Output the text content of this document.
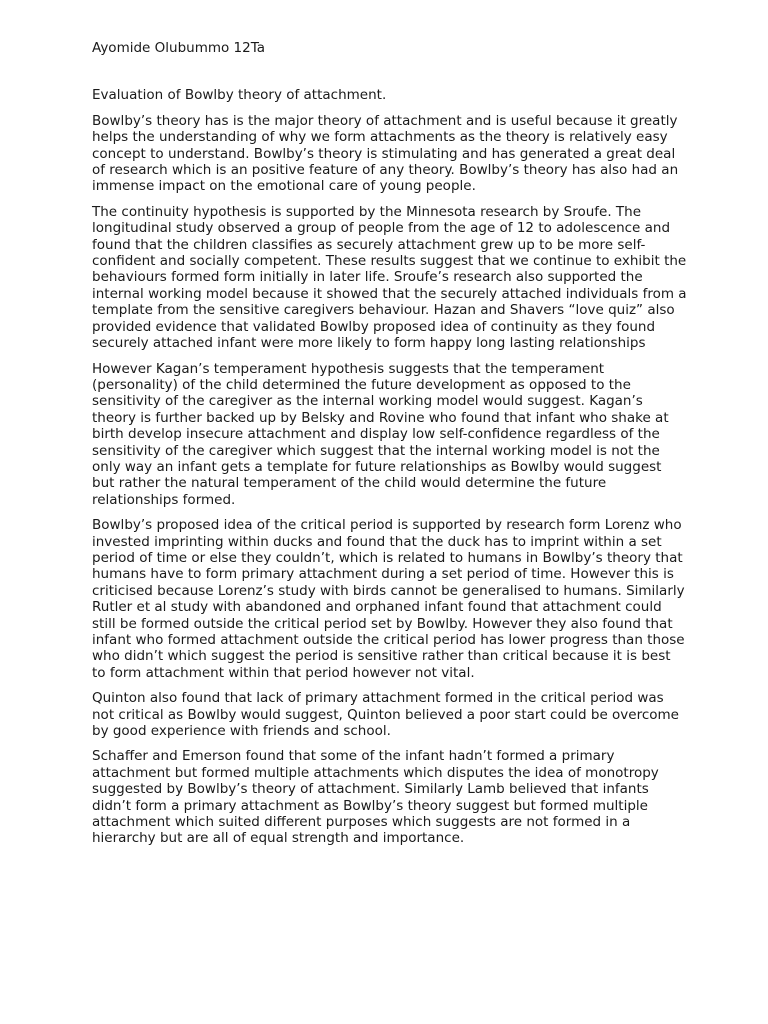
Ayomide Olubummo 12Ta

Evaluation of Bowlby theory of attachment.

Bowlby’s theory has is the major theory of attachment and is useful because it greatly helps the understanding of why we form attachments as the theory is relatively easy concept to understand. Bowlby’s theory is stimulating and has generated a great deal of research which is an positive feature of any theory. Bowlby’s theory has also had an immense impact on the emotional care of young people.

The continuity hypothesis is supported by the Minnesota research by Sroufe. The longitudinal study observed a group of people from the age of 12 to adolescence and found that the children classifies as securely attachment grew up to be more self-confident and socially competent. These results suggest that we continue to exhibit the behaviours formed form initially in later life. Sroufe’s research also supported the internal working model because it showed that the securely attached individuals from a template from the sensitive caregivers behaviour. Hazan and Shavers “love quiz” also provided evidence that validated Bowlby proposed idea of continuity as they found securely attached infant were more likely to form happy long lasting relationships

However Kagan’s temperament hypothesis suggests that the temperament (personality) of the child determined the future development as opposed to the sensitivity of the caregiver as the internal working model would suggest. Kagan’s theory is further backed up by Belsky and Rovine who found that infant who shake at birth develop insecure attachment and display low self-confidence regardless of the sensitivity of the caregiver which suggest that the internal working model is not the only way an infant gets a template for future relationships as Bowlby would suggest but rather the natural temperament of the child would determine the future relationships formed.

Bowlby’s proposed idea of the critical period is supported by research form Lorenz who invested imprinting within ducks and found that the duck has to imprint within a set period of time or else they couldn’t, which is related to humans in Bowlby’s theory that humans have to form primary attachment during a set period of time. However this is criticised because Lorenz’s study with birds cannot be generalised to humans. Similarly Rutler et al study with abandoned and orphaned infant found that attachment could still be formed outside the critical period set by Bowlby. However they also found that infant who formed attachment outside the critical period has lower progress than those who didn’t which suggest the period is sensitive rather than critical because it is best to form attachment within that period however not vital.

Quinton also found that lack of primary attachment formed in the critical period was not critical as Bowlby would suggest, Quinton believed a poor start could be overcome by good experience with friends and school.

Schaffer and Emerson found that some of the infant hadn’t formed a primary attachment but formed multiple attachments which disputes the idea of monotropy suggested by Bowlby’s theory of attachment. Similarly Lamb believed that infants didn’t form a primary attachment as Bowlby’s theory suggest but formed multiple attachment which suited different purposes which suggests are not formed in a hierarchy but are all of equal strength and importance.
